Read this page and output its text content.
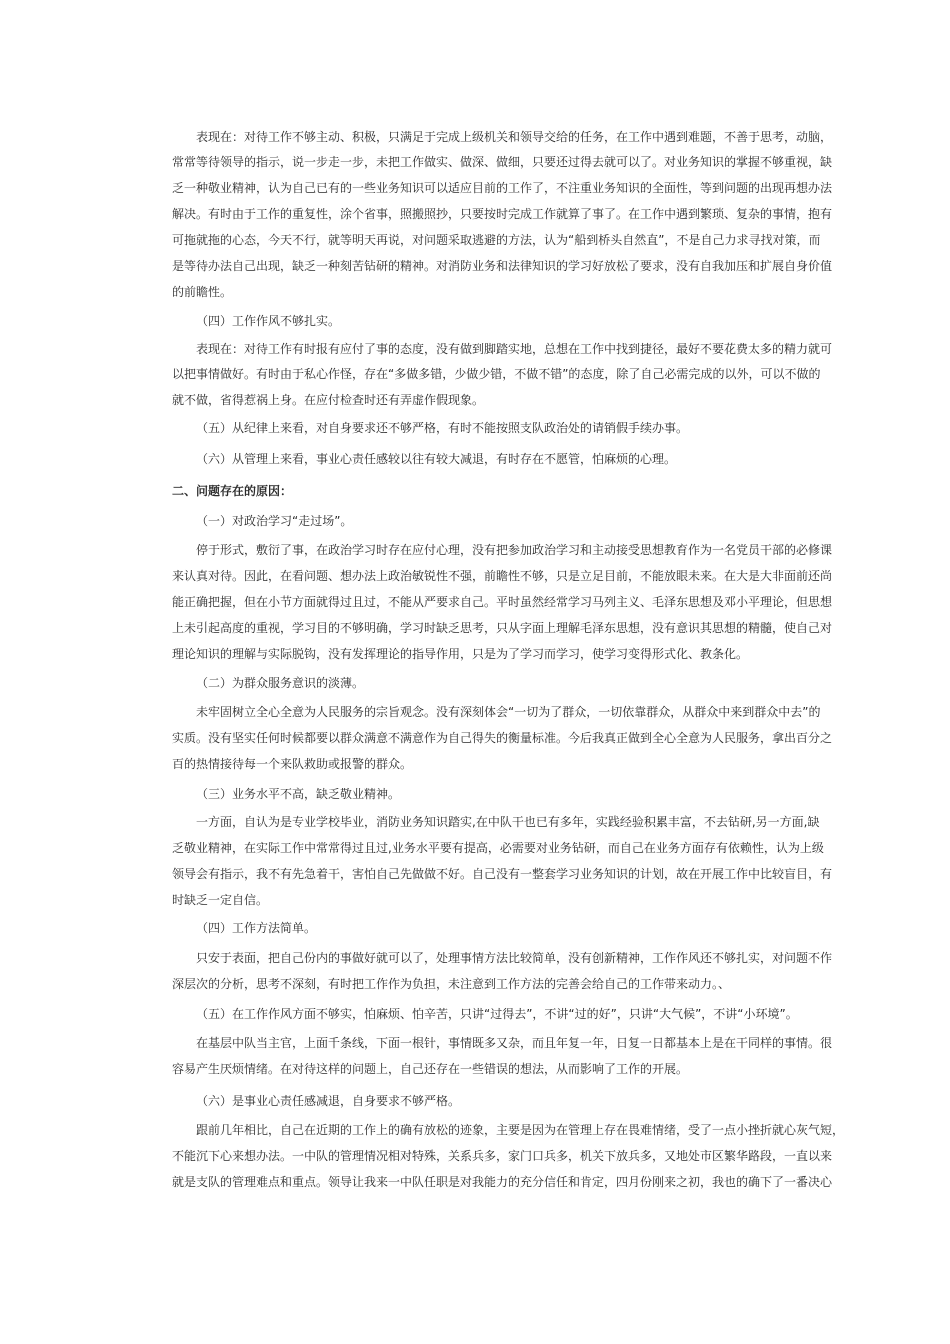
表现在：对待工作不够主动、积极，只满足于完成上级机关和领导交给的任务，在工作中遇到难题，不善于思考，动脑，
常常等待领导的指示，说一步走一步，未把工作做实、做深、做细，只要还过得去就可以了。对业务知识的掌握不够重视，缺
乏一种敬业精神，认为自己已有的一些业务知识可以适应目前的工作了，不注重业务知识的全面性，等到问题的出现再想办法
解决。有时由于工作的重复性，涂个省事，照搬照抄，只要按时完成工作就算了事了。在工作中遇到繁琐、复杂的事情，抱有
可拖就拖的心态，今天不行，就等明天再说，对问题采取逃避的方法，认为“船到桥头自然直”，不是自己力求寻找对策，而
是等待办法自己出现，缺乏一种刻苦钻研的精神。对消防业务和法律知识的学习好放松了要求，没有自我加压和扩展自身价值
的前瞻性。
（四）工作作风不够扎实。
表现在：对待工作有时报有应付了事的态度，没有做到脚踏实地，总想在工作中找到捷径，最好不要花费太多的精力就可
以把事情做好。有时由于私心作怪，存在“多做多错，少做少错，不做不错”的态度，除了自己必需完成的以外，可以不做的
就不做，省得惹祸上身。在应付检查时还有弄虚作假现象。
（五）从纪律上来看，对自身要求还不够严格，有时不能按照支队政治处的请销假手续办事。
（六）从管理上来看，事业心责任感较以往有较大减退，有时存在不愿管，怕麻烦的心理。
二、问题存在的原因：
（一）对政治学习“走过场”。
停于形式，敷衍了事，在政治学习时存在应付心理，没有把参加政治学习和主动接受思想教育作为一名党员干部的必修课
来认真对待。因此，在看问题、想办法上政治敏锐性不强，前瞻性不够，只是立足目前，不能放眼未来。在大是大非面前还尚
能正确把握，但在小节方面就得过且过，不能从严要求自己。平时虽然经常学习马列主义、毛泽东思想及邓小平理论，但思想
上未引起高度的重视，学习目的不够明确，学习时缺乏思考，只从字面上理解毛泽东思想，没有意识其思想的精髓，使自己对
理论知识的理解与实际脱钩，没有发挥理论的指导作用，只是为了学习而学习，使学习变得形式化、教条化。
（二）为群众服务意识的淡薄。
未牢固树立全心全意为人民服务的宗旨观念。没有深刻体会“一切为了群众，一切依靠群众，从群众中来到群众中去”的
实质。没有坚实任何时候都要以群众满意不满意作为自己得失的衡量标准。今后我真正做到全心全意为人民服务，拿出百分之
百的热情接待每一个来队救助或报警的群众。
（三）业务水平不高，缺乏敬业精神。
一方面，自认为是专业学校毕业，消防业务知识踏实,在中队干也已有多年，实践经验积累丰富，不去钻研,另一方面,缺
乏敬业精神，在实际工作中常常得过且过,业务水平要有提高，必需要对业务钻研，而自己在业务方面存有依赖性，认为上级
领导会有指示，我不有先急着干，害怕自己先做做不好。自己没有一整套学习业务知识的计划，故在开展工作中比较盲目，有
时缺乏一定自信。
（四）工作方法简单。
只安于表面，把自己份内的事做好就可以了，处理事情方法比较简单，没有创新精神，工作作风还不够扎实，对问题不作
深层次的分析，思考不深刻，有时把工作作为负担，未注意到工作方法的完善会给自己的工作带来动力。、
（五）在工作作风方面不够实，怕麻烦、怕辛苦，只讲“过得去”，不讲“过的好”，只讲“大气候”，不讲“小环境”。
在基层中队当主官，上面千条线，下面一根针，事情既多又杂，而且年复一年，日复一日都基本上是在干同样的事情。很
容易产生厌烦情绪。在对待这样的问题上，自己还存在一些错误的想法，从而影响了工作的开展。
（六）是事业心责任感减退，自身要求不够严格。
跟前几年相比，自己在近期的工作上的确有放松的迹象，主要是因为在管理上存在畏难情绪，受了一点小挫折就心灰气短，
不能沉下心来想办法。一中队的管理情况相对特殊，关系兵多，家门口兵多，机关下放兵多，又地处市区繁华路段，一直以来
就是支队的管理难点和重点。领导让我来一中队任职是对我能力的充分信任和肯定，四月份刚来之初，我也的确下了一番决心
